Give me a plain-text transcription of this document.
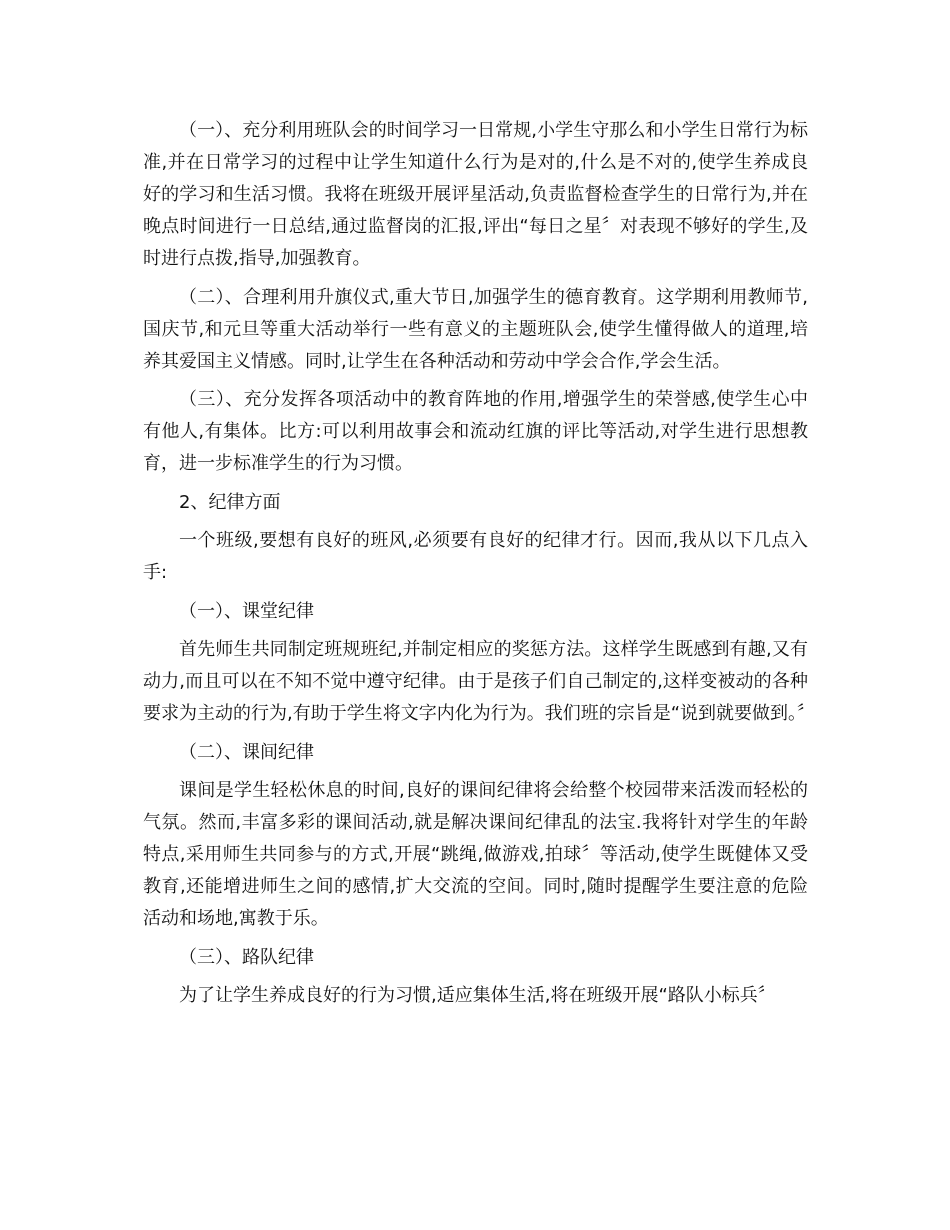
（一）、充分利用班队会的时间学习一日常规,小学生守那么和小学生日常行为标准,并在日常学习的过程中让学生知道什么行为是对的,什么是不对的,使学生养成良好的学习和生活习惯。我将在班级开展评星活动,负责监督检查学生的日常行为,并在晚点时间进行一日总结,通过监督岗的汇报,评出“每日之星〞对表现不够好的学生,及时进行点拨,指导,加强教育。

（二）、合理利用升旗仪式,重大节日,加强学生的德育教育。这学期利用教师节,国庆节,和元旦等重大活动举行一些有意义的主题班队会,使学生懂得做人的道理,培养其爱国主义情感。同时,让学生在各种活动和劳动中学会合作,学会生活。

（三）、充分发挥各项活动中的教育阵地的作用,增强学生的荣誉感,使学生心中有他人,有集体。比方:可以利用故事会和流动红旗的评比等活动,对学生进行思想教育，进一步标准学生的行为习惯。

2、纪律方面

一个班级,要想有良好的班风,必须要有良好的纪律才行。因而,我从以下几点入手:

（一）、课堂纪律

首先师生共同制定班规班纪,并制定相应的奖惩方法。这样学生既感到有趣,又有动力,而且可以在不知不觉中遵守纪律。由于是孩子们自己制定的,这样变被动的各种要求为主动的行为,有助于学生将文字内化为行为。我们班的宗旨是“说到就要做到。〞

（二）、课间纪律

课间是学生轻松休息的时间,良好的课间纪律将会给整个校园带来活泼而轻松的气氛。然而,丰富多彩的课间活动,就是解决课间纪律乱的法宝.我将针对学生的年龄特点,采用师生共同参与的方式,开展“跳绳,做游戏,拍球〞等活动,使学生既健体又受教育,还能增进师生之间的感情,扩大交流的空间。同时,随时提醒学生要注意的危险活动和场地,寓教于乐。

（三）、路队纪律

为了让学生养成良好的行为习惯,适应集体生活,将在班级开展“路队小标兵〞
